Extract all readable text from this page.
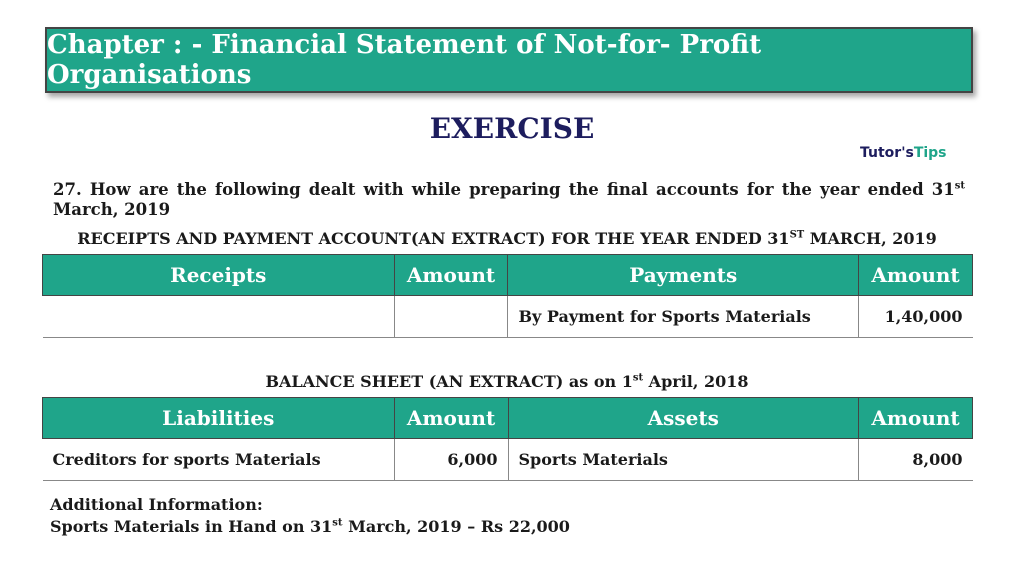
Chapter : - Financial Statement of Not-for- Profit Organisations
EXERCISE
Tutor'sTips
27. How are the following dealt with while preparing the final accounts for the year ended 31st
March, 2019
RECEIPTS AND PAYMENT ACCOUNT(AN EXTRACT) FOR THE YEAR ENDED 31ST MARCH, 2019
Receipts	Amount	Payments	Amount
		By Payment for Sports Materials	1,40,000
BALANCE SHEET (AN EXTRACT) as on 1st April, 2018
Liabilities	Amount	Assets	Amount
Creditors for sports Materials	6,000	Sports Materials	8,000
Additional Information:
Sports Materials in Hand on 31st March, 2019 – Rs 22,000
